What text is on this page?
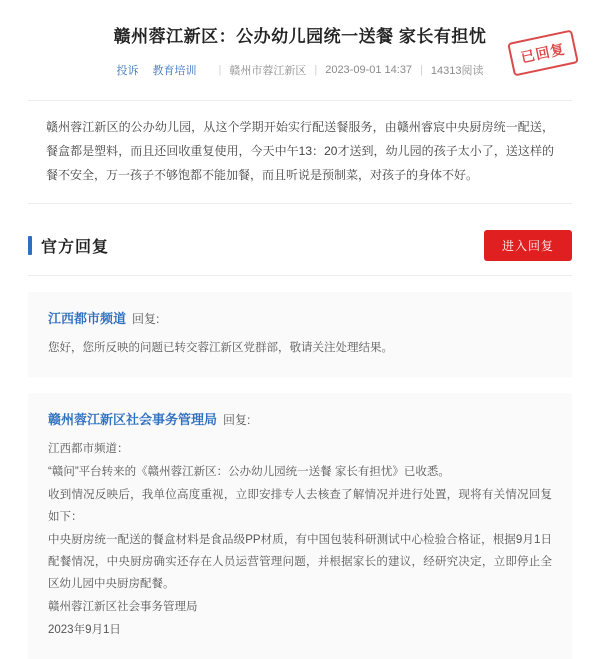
赣州蓉江新区：公办幼儿园统一送餐 家长有担忧
投诉 教育培训 | 赣州市蓉江新区 | 2023-09-01 14:37 | 14313阅读
已回复
赣州蓉江新区的公办幼儿园，从这个学期开始实行配送餐服务，由赣州睿宸中央厨房统一配送，餐盒都是塑料，而且还回收重复使用，今天中午13：20才送到，幼儿园的孩子太小了，送这样的餐不安全，万一孩子不够饱都不能加餐，而且听说是预制菜，对孩子的身体不好。
官方回复	进入回复
江西都市频道 回复:

您好，您所反映的问题已转交蓉江新区党群部，敬请关注处理结果。

赣州蓉江新区社会事务管理局 回复:

江西都市频道：

“赣问”平台转来的《赣州蓉江新区：公办幼儿园统一送餐 家长有担忧》已收悉。

收到情况反映后，我单位高度重视，立即安排专人去核查了解情况并进行处置，现将有关情况回复如下：

中央厨房统一配送的餐盒材料是食品级PP材质，有中国包装科研测试中心检验合格证，根据9月1日配餐情况，中央厨房确实还存在人员运营管理问题，并根据家长的建议，经研究决定，立即停止全区幼儿园中央厨房配餐。

赣州蓉江新区社会事务管理局

2023年9月1日
